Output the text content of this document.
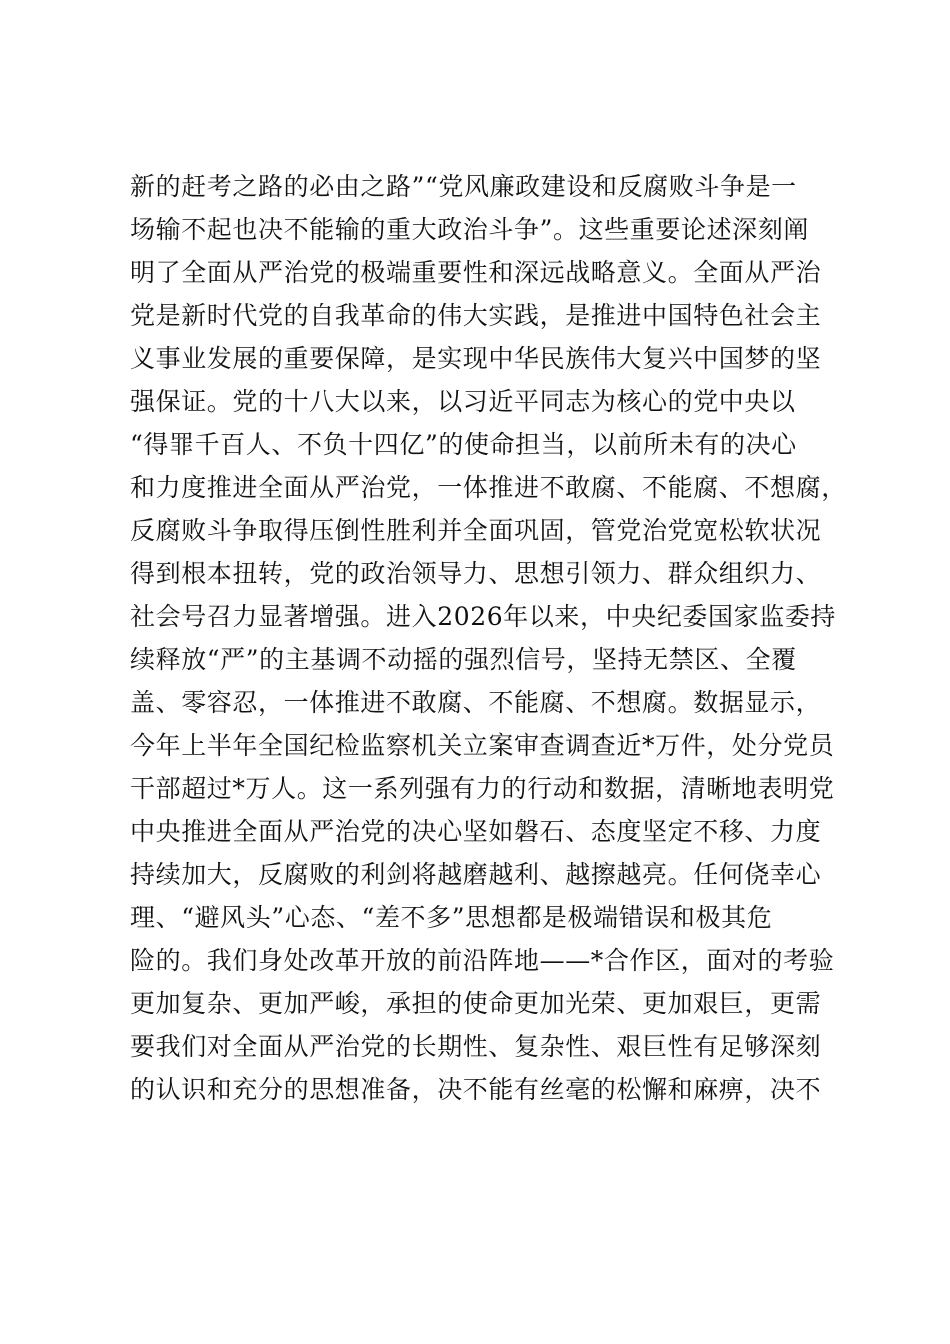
新的赶考之路的必由之路”“党风廉政建设和反腐败斗争是一
场输不起也决不能输的重大政治斗争”。这些重要论述深刻阐
明了全面从严治党的极端重要性和深远战略意义。全面从严治
党是新时代党的自我革命的伟大实践，是推进中国特色社会主
义事业发展的重要保障，是实现中华民族伟大复兴中国梦的坚
强保证。党的十八大以来，以习近平同志为核心的党中央以
“得罪千百人、不负十四亿”的使命担当，以前所未有的决心
和力度推进全面从严治党，一体推进不敢腐、不能腐、不想腐，
反腐败斗争取得压倒性胜利并全面巩固，管党治党宽松软状况
得到根本扭转，党的政治领导力、思想引领力、群众组织力、
社会号召力显著增强。进入2026年以来，中央纪委国家监委持
续释放“严”的主基调不动摇的强烈信号，坚持无禁区、全覆
盖、零容忍，一体推进不敢腐、不能腐、不想腐。数据显示，
今年上半年全国纪检监察机关立案审查调查近*万件，处分党员
干部超过*万人。这一系列强有力的行动和数据，清晰地表明党
中央推进全面从严治党的决心坚如磐石、态度坚定不移、力度
持续加大，反腐败的利剑将越磨越利、越擦越亮。任何侥幸心
理、“避风头”心态、“差不多”思想都是极端错误和极其危
险的。我们身处改革开放的前沿阵地——*合作区，面对的考验
更加复杂、更加严峻，承担的使命更加光荣、更加艰巨，更需
要我们对全面从严治党的长期性、复杂性、艰巨性有足够深刻
的认识和充分的思想准备，决不能有丝毫的松懈和麻痹，决不
